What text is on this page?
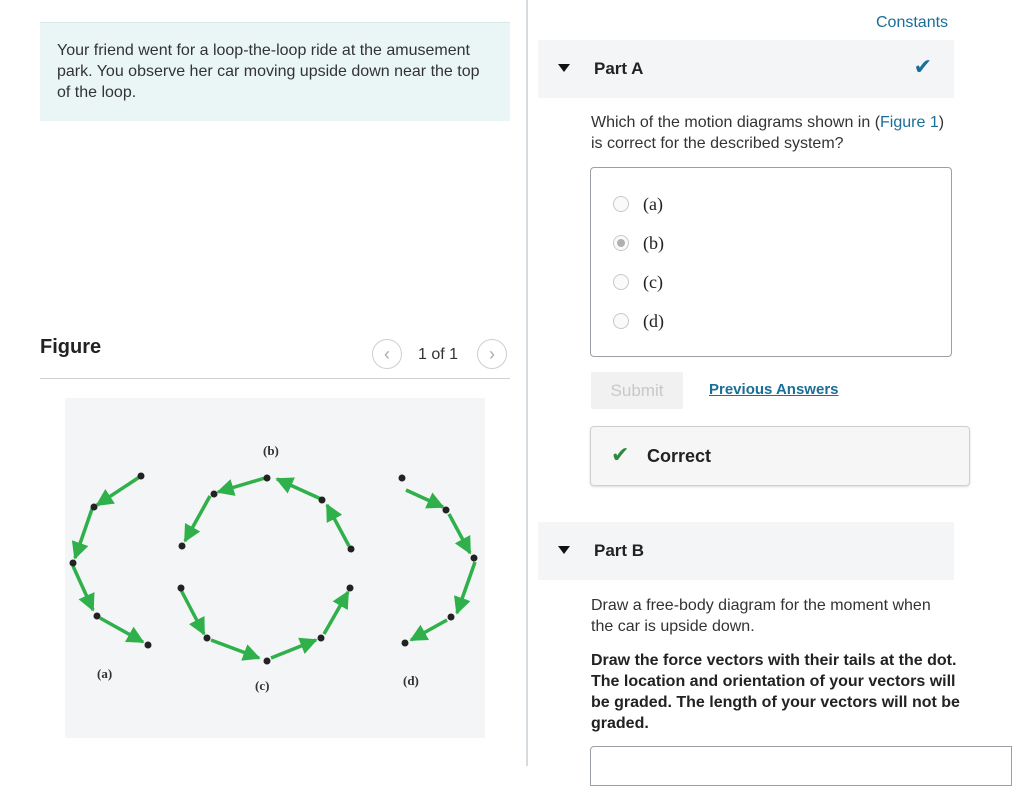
Your friend went for a loop-the-loop ride at the amusement park. You observe her car moving upside down near the top of the loop.
Figure	‹ 1 of 1 ›
(a)
(b)
(c)	(d)
Constants
Part A	✔
Which of the motion diagrams shown in (Figure 1) is correct for the described system?
(a)
(b)
(c)
(d)
Submit	Previous Answers
✔ Correct
Part B
Draw a free-body diagram for the moment when the car is upside down.
Draw the force vectors with their tails at the dot. The location and orientation of your vectors will be graded. The length of your vectors will not be graded.
